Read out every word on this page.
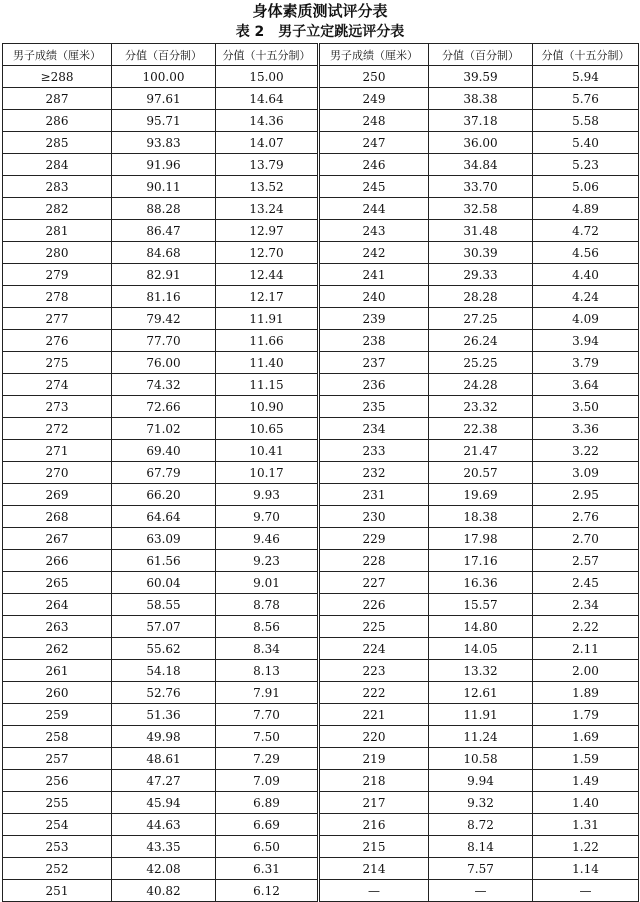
身体素质测试评分表
表 2　男子立定跳远评分表
男子成绩（厘米）	分值（百分制）	分值（十五分制）	男子成绩（厘米）	分值（百分制）	分值（十五分制）
≥288	100.00	15.00	250	39.59	5.94
287	97.61	14.64	249	38.38	5.76
286	95.71	14.36	248	37.18	5.58
285	93.83	14.07	247	36.00	5.40
284	91.96	13.79	246	34.84	5.23
283	90.11	13.52	245	33.70	5.06
282	88.28	13.24	244	32.58	4.89
281	86.47	12.97	243	31.48	4.72
280	84.68	12.70	242	30.39	4.56
279	82.91	12.44	241	29.33	4.40
278	81.16	12.17	240	28.28	4.24
277	79.42	11.91	239	27.25	4.09
276	77.70	11.66	238	26.24	3.94
275	76.00	11.40	237	25.25	3.79
274	74.32	11.15	236	24.28	3.64
273	72.66	10.90	235	23.32	3.50
272	71.02	10.65	234	22.38	3.36
271	69.40	10.41	233	21.47	3.22
270	67.79	10.17	232	20.57	3.09
269	66.20	9.93	231	19.69	2.95
268	64.64	9.70	230	18.38	2.76
267	63.09	9.46	229	17.98	2.70
266	61.56	9.23	228	17.16	2.57
265	60.04	9.01	227	16.36	2.45
264	58.55	8.78	226	15.57	2.34
263	57.07	8.56	225	14.80	2.22
262	55.62	8.34	224	14.05	2.11
261	54.18	8.13	223	13.32	2.00
260	52.76	7.91	222	12.61	1.89
259	51.36	7.70	221	11.91	1.79
258	49.98	7.50	220	11.24	1.69
257	48.61	7.29	219	10.58	1.59
256	47.27	7.09	218	9.94	1.49
255	45.94	6.89	217	9.32	1.40
254	44.63	6.69	216	8.72	1.31
253	43.35	6.50	215	8.14	1.22
252	42.08	6.31	214	7.57	1.14
251	40.82	6.12	—	—	—
